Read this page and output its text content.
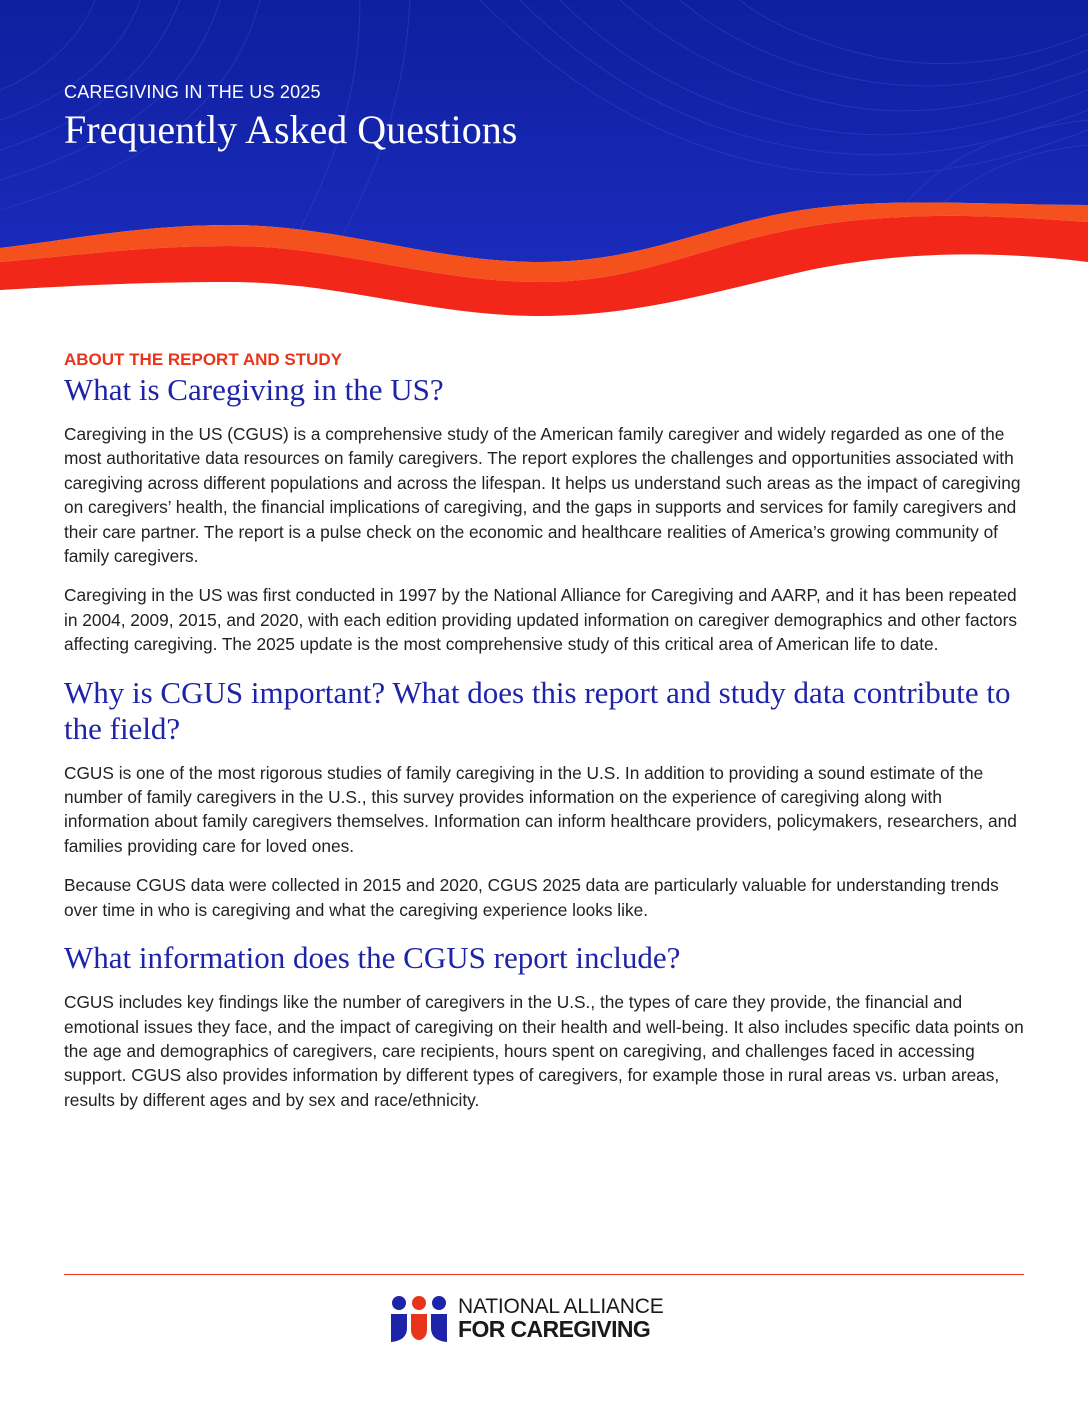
CAREGIVING IN THE US 2025
Frequently Asked Questions
ABOUT THE REPORT AND STUDY
What is Caregiving in the US?

Caregiving in the US (CGUS) is a comprehensive study of the American family caregiver and widely regarded as one of the most authoritative data resources on family caregivers. The report explores the challenges and opportunities associated with caregiving across different populations and across the lifespan. It helps us understand such areas as the impact of caregiving on caregivers’ health, the financial implications of caregiving, and the gaps in supports and services for family caregivers and their care partner. The report is a pulse check on the economic and healthcare realities of America’s growing community of family caregivers.

Caregiving in the US was first conducted in 1997 by the National Alliance for Caregiving and AARP, and it has been repeated in 2004, 2009, 2015, and 2020, with each edition providing updated information on caregiver demographics and other factors affecting caregiving. The 2025 update is the most comprehensive study of this critical area of American life to date.

Why is CGUS important? What does this report and study data contribute to the field?

CGUS is one of the most rigorous studies of family caregiving in the U.S. In addition to providing a sound estimate of the number of family caregivers in the U.S., this survey provides information on the experience of caregiving along with information about family caregivers themselves. Information can inform healthcare providers, policymakers, researchers, and families providing care for loved ones.

Because CGUS data were collected in 2015 and 2020, CGUS 2025 data are particularly valuable for understanding trends over time in who is caregiving and what the caregiving experience looks like.

What information does the CGUS report include?

CGUS includes key findings like the number of caregivers in the U.S., the types of care they provide, the financial and emotional issues they face, and the impact of caregiving on their health and well-being. It also includes specific data points on the age and demographics of caregivers, care recipients, hours spent on caregiving, and challenges faced in accessing support. CGUS also provides information by different types of caregivers, for example those in rural areas vs. urban areas, results by different ages and by sex and race/ethnicity.

NATIONAL ALLIANCE
FOR CAREGIVING
